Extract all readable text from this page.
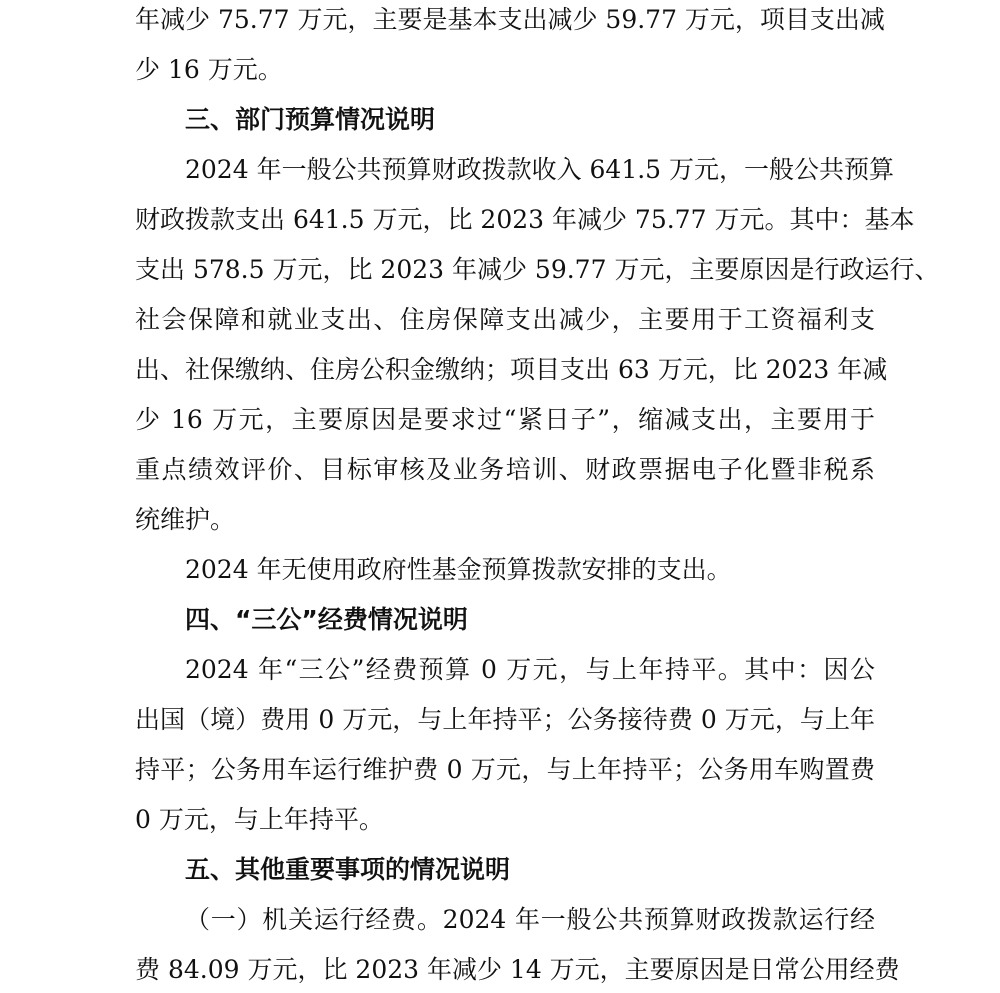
年减少 75.77 万元，主要是基本支出减少 59.77 万元，项目支出减
少 16 万元。
三、部门预算情况说明
2024 年一般公共预算财政拨款收入 641.5 万元，一般公共预算
财政拨款支出 641.5 万元，比 2023 年减少 75.77 万元。其中：基本
支出 578.5 万元，比 2023 年减少 59.77 万元，主要原因是行政运行、
社会保障和就业支出、住房保障支出减少，主要用于工资福利支
出、社保缴纳、住房公积金缴纳；项目支出 63 万元，比 2023 年减
少 16 万元，主要原因是要求过“紧日子”，缩减支出，主要用于
重点绩效评价、目标审核及业务培训、财政票据电子化暨非税系
统维护。
2024 年无使用政府性基金预算拨款安排的支出。
四、“三公”经费情况说明
2024 年“三公”经费预算 0 万元，与上年持平。其中：因公
出国（境）费用 0 万元，与上年持平；公务接待费 0 万元，与上年
持平；公务用车运行维护费 0 万元，与上年持平；公务用车购置费
0 万元，与上年持平。
五、其他重要事项的情况说明
（一）机关运行经费。2024 年一般公共预算财政拨款运行经
费 84.09 万元，比 2023 年减少 14 万元，主要原因是日常公用经费
